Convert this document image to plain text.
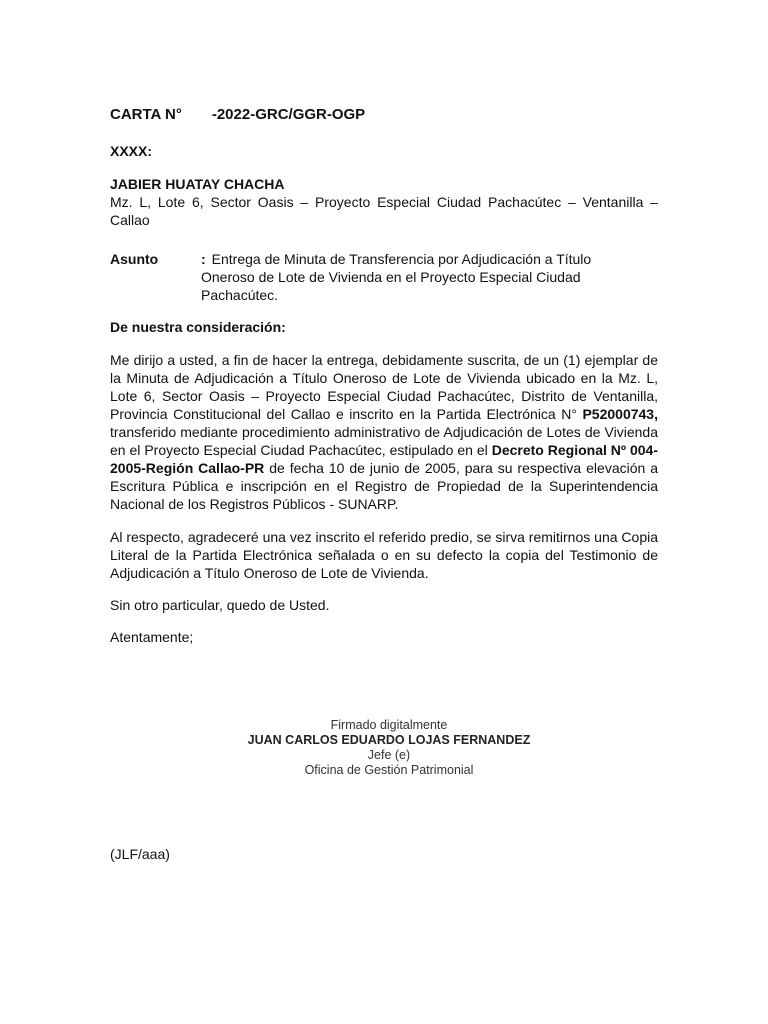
CARTA N° -2022-GRC/GGR-OGP
XXXX:
JABIER HUATAY CHACHA
Mz. L, Lote 6, Sector Oasis – Proyecto Especial Ciudad Pachacútec – Ventanilla – Callao
Asunto	: Entrega de Minuta de Transferencia por Adjudicación a Título Oneroso de Lote de Vivienda en el Proyecto Especial Ciudad Pachacútec.
De nuestra consideración:
Me dirijo a usted, a fin de hacer la entrega, debidamente suscrita, de un (1) ejemplar de la Minuta de Adjudicación a Título Oneroso de Lote de Vivienda ubicado en la Mz. L, Lote 6, Sector Oasis – Proyecto Especial Ciudad Pachacútec, Distrito de Ventanilla, Provincia Constitucional del Callao e inscrito en la Partida Electrónica N° P52000743, transferido mediante procedimiento administrativo de Adjudicación de Lotes de Vivienda en el Proyecto Especial Ciudad Pachacútec, estipulado en el Decreto Regional Nº 004-2005-Región Callao-PR de fecha 10 de junio de 2005, para su respectiva elevación a Escritura Pública e inscripción en el Registro de Propiedad de la Superintendencia Nacional de los Registros Públicos - SUNARP.
Al respecto, agradeceré una vez inscrito el referido predio, se sirva remitirnos una Copia Literal de la Partida Electrónica señalada o en su defecto la copia del Testimonio de Adjudicación a Título Oneroso de Lote de Vivienda.
Sin otro particular, quedo de Usted.
Atentamente;
Firmado digitalmente
JUAN CARLOS EDUARDO LOJAS FERNANDEZ
Jefe (e)
Oficina de Gestión Patrimonial
(JLF/aaa)
